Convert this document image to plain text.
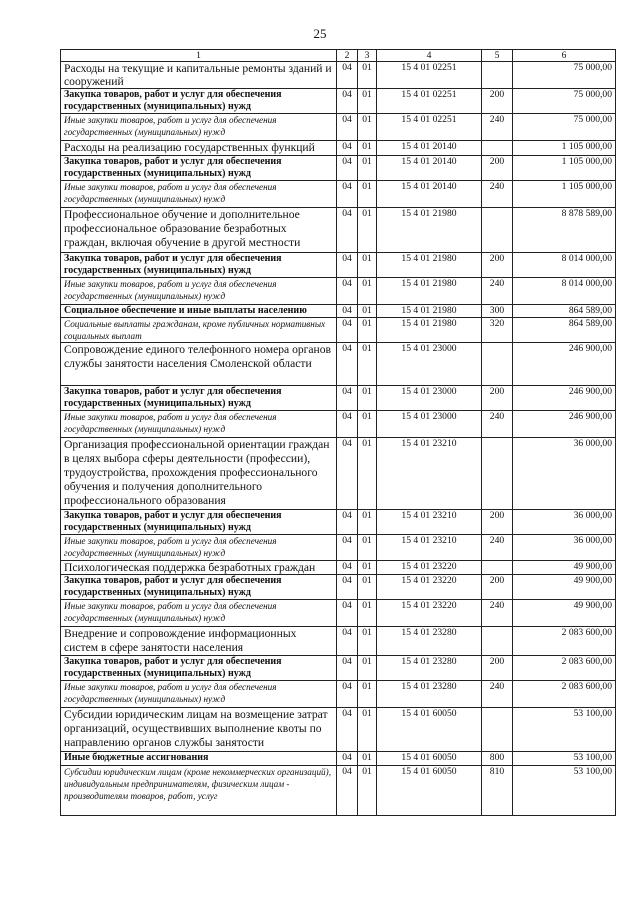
25
1	2	3	4	5	6
Расходы на текущие и капитальные ремонты зданий и сооружений	04	01	15 4 01 02251		75 000,00
Закупка товаров, работ и услуг для обеспечения государственных (муниципальных) нужд	04	01	15 4 01 02251	200	75 000,00
Иные закупки товаров, работ и услуг для обеспечения государственных (муниципальных) нужд	04	01	15 4 01 02251	240	75 000,00
Расходы на реализацию государственных функций	04	01	15 4 01 20140		1 105 000,00
Закупка товаров, работ и услуг для обеспечения государственных (муниципальных) нужд	04	01	15 4 01 20140	200	1 105 000,00
Иные закупки товаров, работ и услуг для обеспечения государственных (муниципальных) нужд	04	01	15 4 01 20140	240	1 105 000,00
Профессиональное обучение и дополнительное профессиональное образование безработных граждан, включая обучение в другой местности	04	01	15 4 01 21980		8 878 589,00
Закупка товаров, работ и услуг для обеспечения государственных (муниципальных) нужд	04	01	15 4 01 21980	200	8 014 000,00
Иные закупки товаров, работ и услуг для обеспечения государственных (муниципальных) нужд	04	01	15 4 01 21980	240	8 014 000,00
Социальное обеспечение и иные выплаты населению	04	01	15 4 01 21980	300	864 589,00
Социальные выплаты гражданам, кроме публичных нормативных социальных выплат	04	01	15 4 01 21980	320	864 589,00
Сопровождение единого телефонного номера органов службы занятости населения Смоленской области	04	01	15 4 01 23000		246 900,00
Закупка товаров, работ и услуг для обеспечения государственных (муниципальных) нужд	04	01	15 4 01 23000	200	246 900,00
Иные закупки товаров, работ и услуг для обеспечения государственных (муниципальных) нужд	04	01	15 4 01 23000	240	246 900,00
Организация профессиональной ориентации граждан в целях выбора сферы деятельности (профессии), трудоустройства, прохождения профессионального обучения и получения дополнительного профессионального образования	04	01	15 4 01 23210		36 000,00
Закупка товаров, работ и услуг для обеспечения государственных (муниципальных) нужд	04	01	15 4 01 23210	200	36 000,00
Иные закупки товаров, работ и услуг для обеспечения государственных (муниципальных) нужд	04	01	15 4 01 23210	240	36 000,00
Психологическая поддержка безработных граждан	04	01	15 4 01 23220		49 900,00
Закупка товаров, работ и услуг для обеспечения государственных (муниципальных) нужд	04	01	15 4 01 23220	200	49 900,00
Иные закупки товаров, работ и услуг для обеспечения государственных (муниципальных) нужд	04	01	15 4 01 23220	240	49 900,00
Внедрение и сопровождение информационных систем в сфере занятости населения	04	01	15 4 01 23280		2 083 600,00
Закупка товаров, работ и услуг для обеспечения государственных (муниципальных) нужд	04	01	15 4 01 23280	200	2 083 600,00
Иные закупки товаров, работ и услуг для обеспечения государственных (муниципальных) нужд	04	01	15 4 01 23280	240	2 083 600,00
Субсидии юридическим лицам на возмещение затрат организаций, осуществивших выполнение квоты по направлению органов службы занятости	04	01	15 4 01 60050		53 100,00
Иные бюджетные ассигнования	04	01	15 4 01 60050	800	53 100,00
Субсидии юридическим лицам (кроме некоммерческих организаций), индивидуальным предпринимателям, физическим лицам - производителям товаров, работ, услуг	04	01	15 4 01 60050	810	53 100,00
